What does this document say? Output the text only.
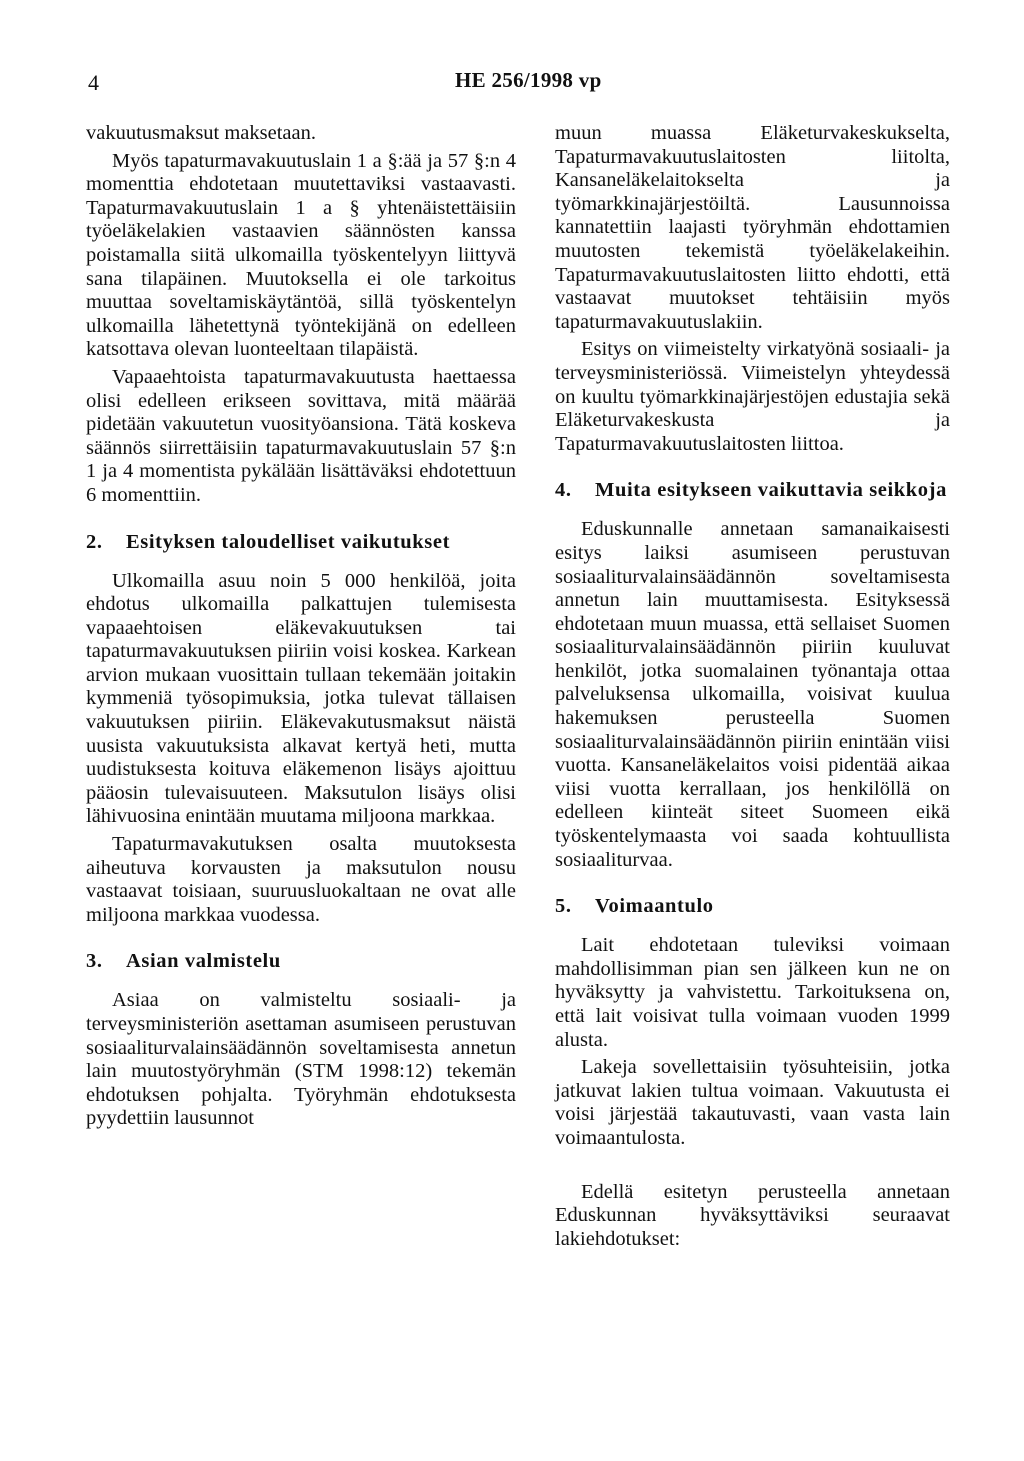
4	HE 256/1998 vp

vakuutusmaksut maksetaan.

Myös tapaturmavakuutuslain 1 a §:ää ja 57 §:n 4 momenttia ehdotetaan muutettaviksi vastaavasti. Tapaturmavakuutuslain 1 a § yhtenäistettäisiin työeläkelakien vastaavien säännösten kanssa poistamalla siitä ulkomailla työskentelyyn liittyvä sana tilapäinen. Muutoksella ei ole tarkoitus muuttaa soveltamiskäytäntöä, sillä työskentelyn ulkomailla lähetettynä työntekijänä on edelleen katsottava olevan luonteeltaan tilapäistä.

Vapaaehtoista tapaturmavakuutusta haettaessa olisi edelleen erikseen sovittava, mitä määrää pidetään vakuutetun vuosityöansiona. Tätä koskeva säännös siirrettäisiin tapaturmavakuutuslain 57 §:n 1 ja 4 momentista pykälään lisättäväksi ehdotettuun 6 momenttiin.

2.	Esityksen taloudelliset vaikutukset

Ulkomailla asuu noin 5 000 henkilöä, joita ehdotus ulkomailla palkattujen tulemisesta vapaaehtoisen eläkevakuutuksen tai tapaturmavakuutuksen piiriin voisi koskea. Karkean arvion mukaan vuosittain tullaan tekemään joitakin kymmeniä työsopimuksia, jotka tulevat tällaisen vakuutuksen piiriin. Eläkevakutusmaksut näistä uusista vakuutuksista alkavat kertyä heti, mutta uudistuksesta koituva eläkemenon lisäys ajoittuu pääosin tulevaisuuteen. Maksutulon lisäys olisi lähivuosina enintään muutama miljoona markkaa.

Tapaturmavakutuksen osalta muutoksesta aiheutuva korvausten ja maksutulon nousu vastaavat toisiaan, suuruusluokaltaan ne ovat alle miljoona markkaa vuodessa.

3.	Asian valmistelu

Asiaa on valmisteltu sosiaali- ja terveysministeriön asettaman asumiseen perustuvan sosiaaliturvalainsäädännön soveltamisesta annetun lain muutostyöryhmän (STM 1998:12) tekemän ehdotuksen pohjalta. Työryhmän ehdotuksesta pyydettiin lausunnot

muun muassa Eläketurvakeskukselta, Tapaturmavakuutuslaitosten liitolta, Kansaneläkelaitokselta ja työmarkkinajärjestöiltä. Lausunnoissa kannatettiin laajasti työryhmän ehdottamien muutosten tekemistä työeläkelakeihin. Tapaturmavakuutuslaitosten liitto ehdotti, että vastaavat muutokset tehtäisiin myös tapaturmavakuutuslakiin.

Esitys on viimeistelty virkatyönä sosiaali- ja terveysministeriössä. Viimeistelyn yhteydessä on kuultu työmarkkinajärjestöjen edustajia sekä Eläketurvakeskusta ja Tapaturmavakuutuslaitosten liittoa.

4.	Muita esitykseen vaikuttavia seikkoja

Eduskunnalle annetaan samanaikaisesti esitys laiksi asumiseen perustuvan sosiaaliturvalainsäädännön soveltamisesta annetun lain muuttamisesta. Esityksessä ehdotetaan muun muassa, että sellaiset Suomen sosiaaliturvalainsäädännön piiriin kuuluvat henkilöt, jotka suomalainen työnantaja ottaa palveluksensa ulkomailla, voisivat kuulua hakemuksen perusteella Suomen sosiaaliturvalainsäädännön piiriin enintään viisi vuotta. Kansaneläkelaitos voisi pidentää aikaa viisi vuotta kerrallaan, jos henkilöllä on edelleen kiinteät siteet Suomeen eikä työskentelymaasta voi saada kohtuullista sosiaaliturvaa.

5.	Voimaantulo

Lait ehdotetaan tuleviksi voimaan mahdollisimman pian sen jälkeen kun ne on hyväksytty ja vahvistettu. Tarkoituksena on, että lait voisivat tulla voimaan vuoden 1999 alusta.

Lakeja sovellettaisiin työsuhteisiin, jotka jatkuvat lakien tultua voimaan. Vakuutusta ei voisi järjestää takautuvasti, vaan vasta lain voimaantulosta.

Edellä esitetyn perusteella annetaan Eduskunnan hyväksyttäviksi seuraavat lakiehdotukset:
